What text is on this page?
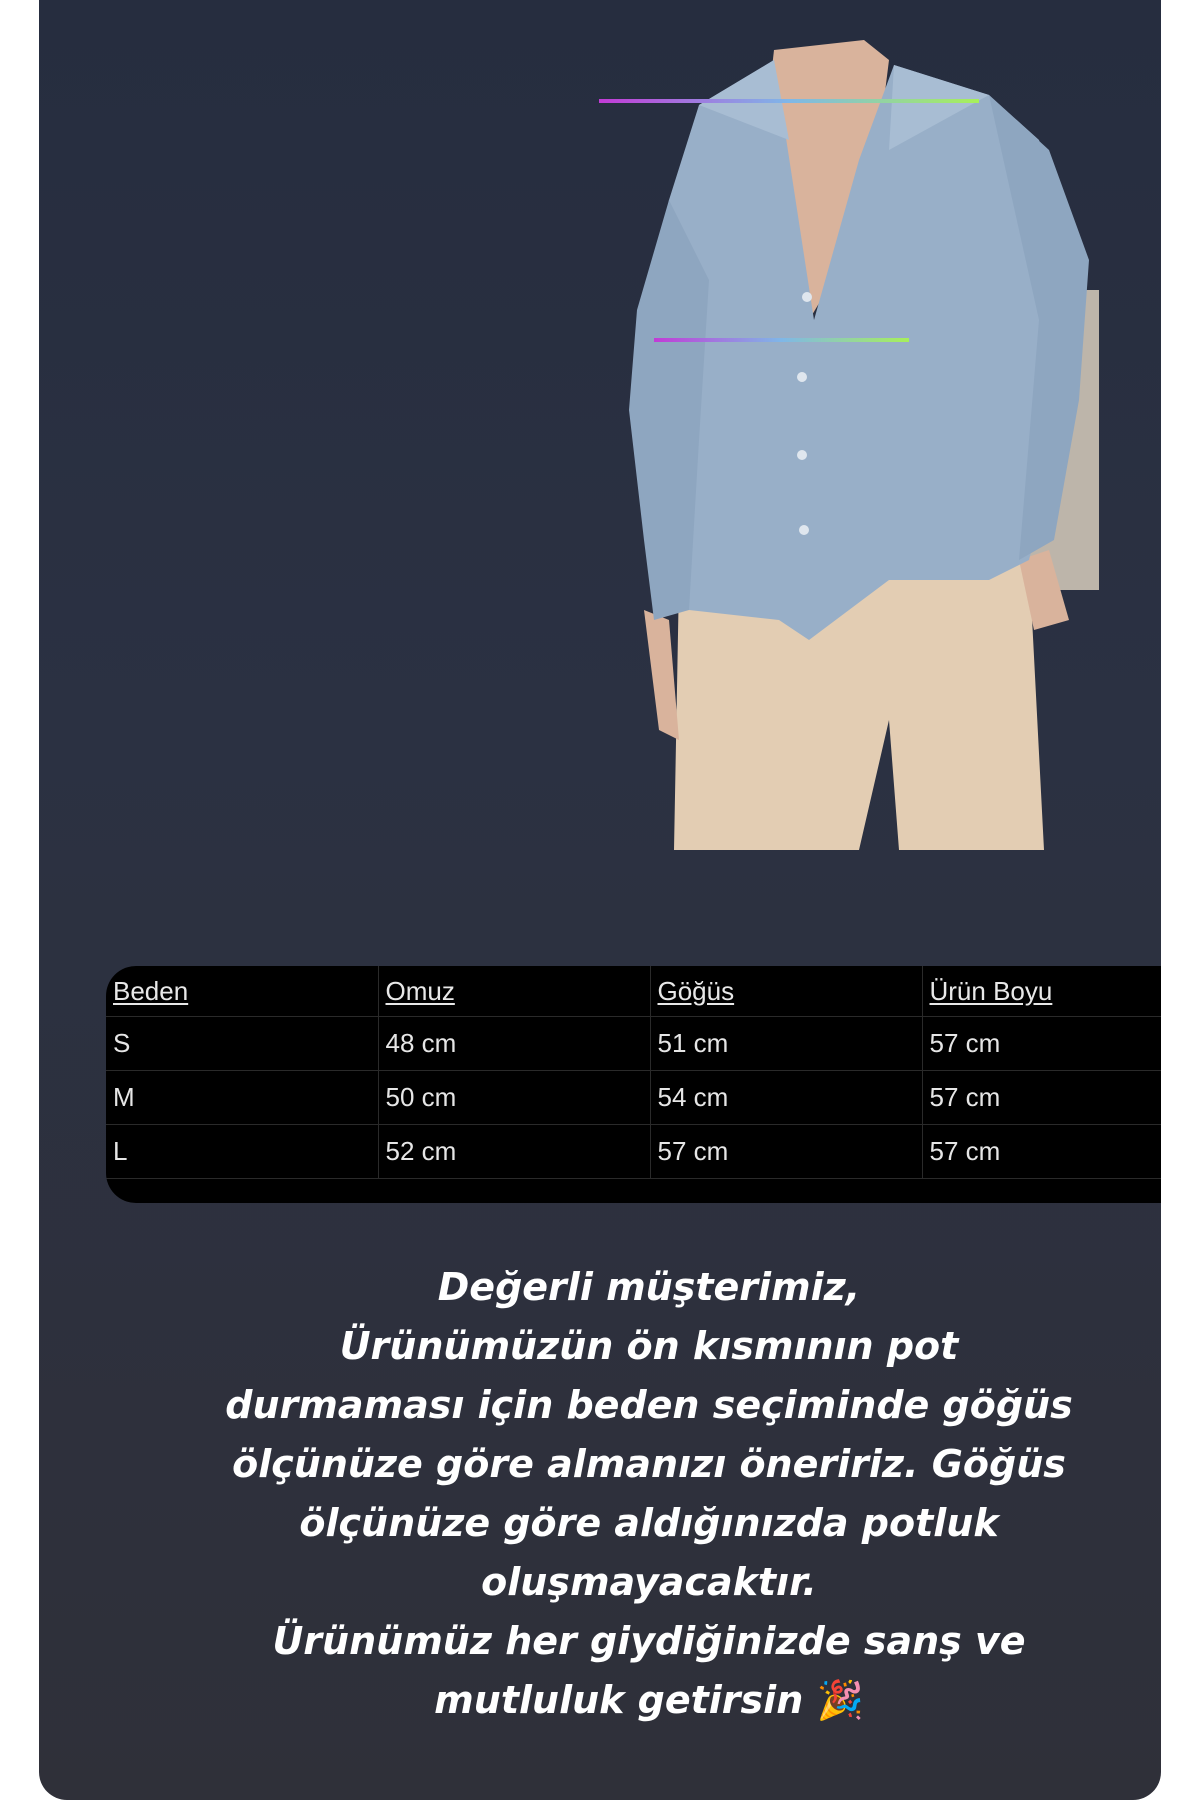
Beden	Omuz	Göğüs	Ürün Boyu
S	48 cm	51 cm	57 cm
M	50 cm	54 cm	57 cm
L	52 cm	57 cm	57 cm

Değerli müşterimiz,

Ürünümüzün ön kısmının pot

durmaması için beden seçiminde göğüs

ölçünüze göre almanızı öneririz. Göğüs

ölçünüze göre aldığınızda potluk

oluşmayacaktır.

Ürünümüz her giydiğinizde sanş ve

mutluluk getirsin 🎉
